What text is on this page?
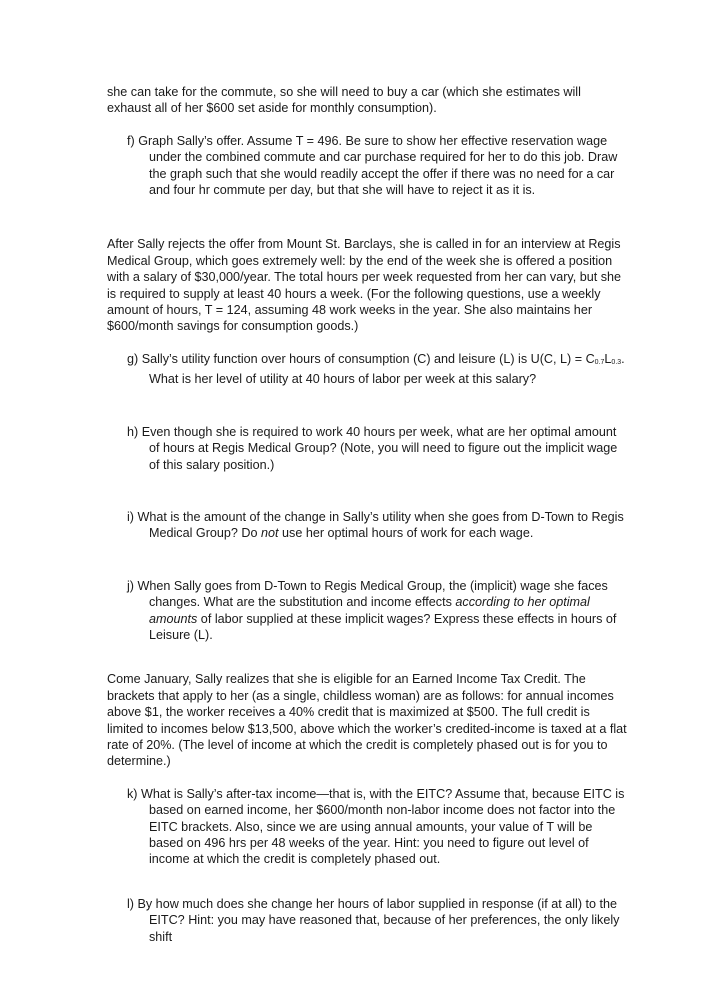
she can take for the commute, so she will need to buy a car (which she estimates will exhaust all of her $600 set aside for monthly consumption).

f) Graph Sally’s offer. Assume T = 496. Be sure to show her effective reservation wage under the combined commute and car purchase required for her to do this job. Draw the graph such that she would readily accept the offer if there was no need for a car and four hr commute per day, but that she will have to reject it as it is.

After Sally rejects the offer from Mount St. Barclays, she is called in for an interview at Regis Medical Group, which goes extremely well: by the end of the week she is offered a position with a salary of $30,000/year. The total hours per week requested from her can vary, but she is required to supply at least 40 hours a week. (For the following questions, use a weekly amount of hours, T = 124, assuming 48 work weeks in the year. She also maintains her $600/month savings for consumption goods.)

g) Sally’s utility function over hours of consumption (C) and leisure (L) is U(C, L) = C0.7L0.3. What is her level of utility at 40 hours of labor per week at this salary?

h) Even though she is required to work 40 hours per week, what are her optimal amount of hours at Regis Medical Group? (Note, you will need to figure out the implicit wage of this salary position.)

i) What is the amount of the change in Sally’s utility when she goes from D-Town to Regis Medical Group? Do not use her optimal hours of work for each wage.

j) When Sally goes from D-Town to Regis Medical Group, the (implicit) wage she faces changes. What are the substitution and income effects according to her optimal amounts of labor supplied at these implicit wages? Express these effects in hours of Leisure (L).

Come January, Sally realizes that she is eligible for an Earned Income Tax Credit. The brackets that apply to her (as a single, childless woman) are as follows: for annual incomes above $1, the worker receives a 40% credit that is maximized at $500. The full credit is limited to incomes below $13,500, above which the worker’s credited-income is taxed at a flat rate of 20%. (The level of income at which the credit is completely phased out is for you to determine.)

k) What is Sally’s after-tax income—that is, with the EITC? Assume that, because EITC is based on earned income, her $600/month non-labor income does not factor into the EITC brackets. Also, since we are using annual amounts, your value of T will be based on 496 hrs per 48 weeks of the year. Hint: you need to figure out level of income at which the credit is completely phased out.

l) By how much does she change her hours of labor supplied in response (if at all) to the EITC? Hint: you may have reasoned that, because of her preferences, the only likely shift
